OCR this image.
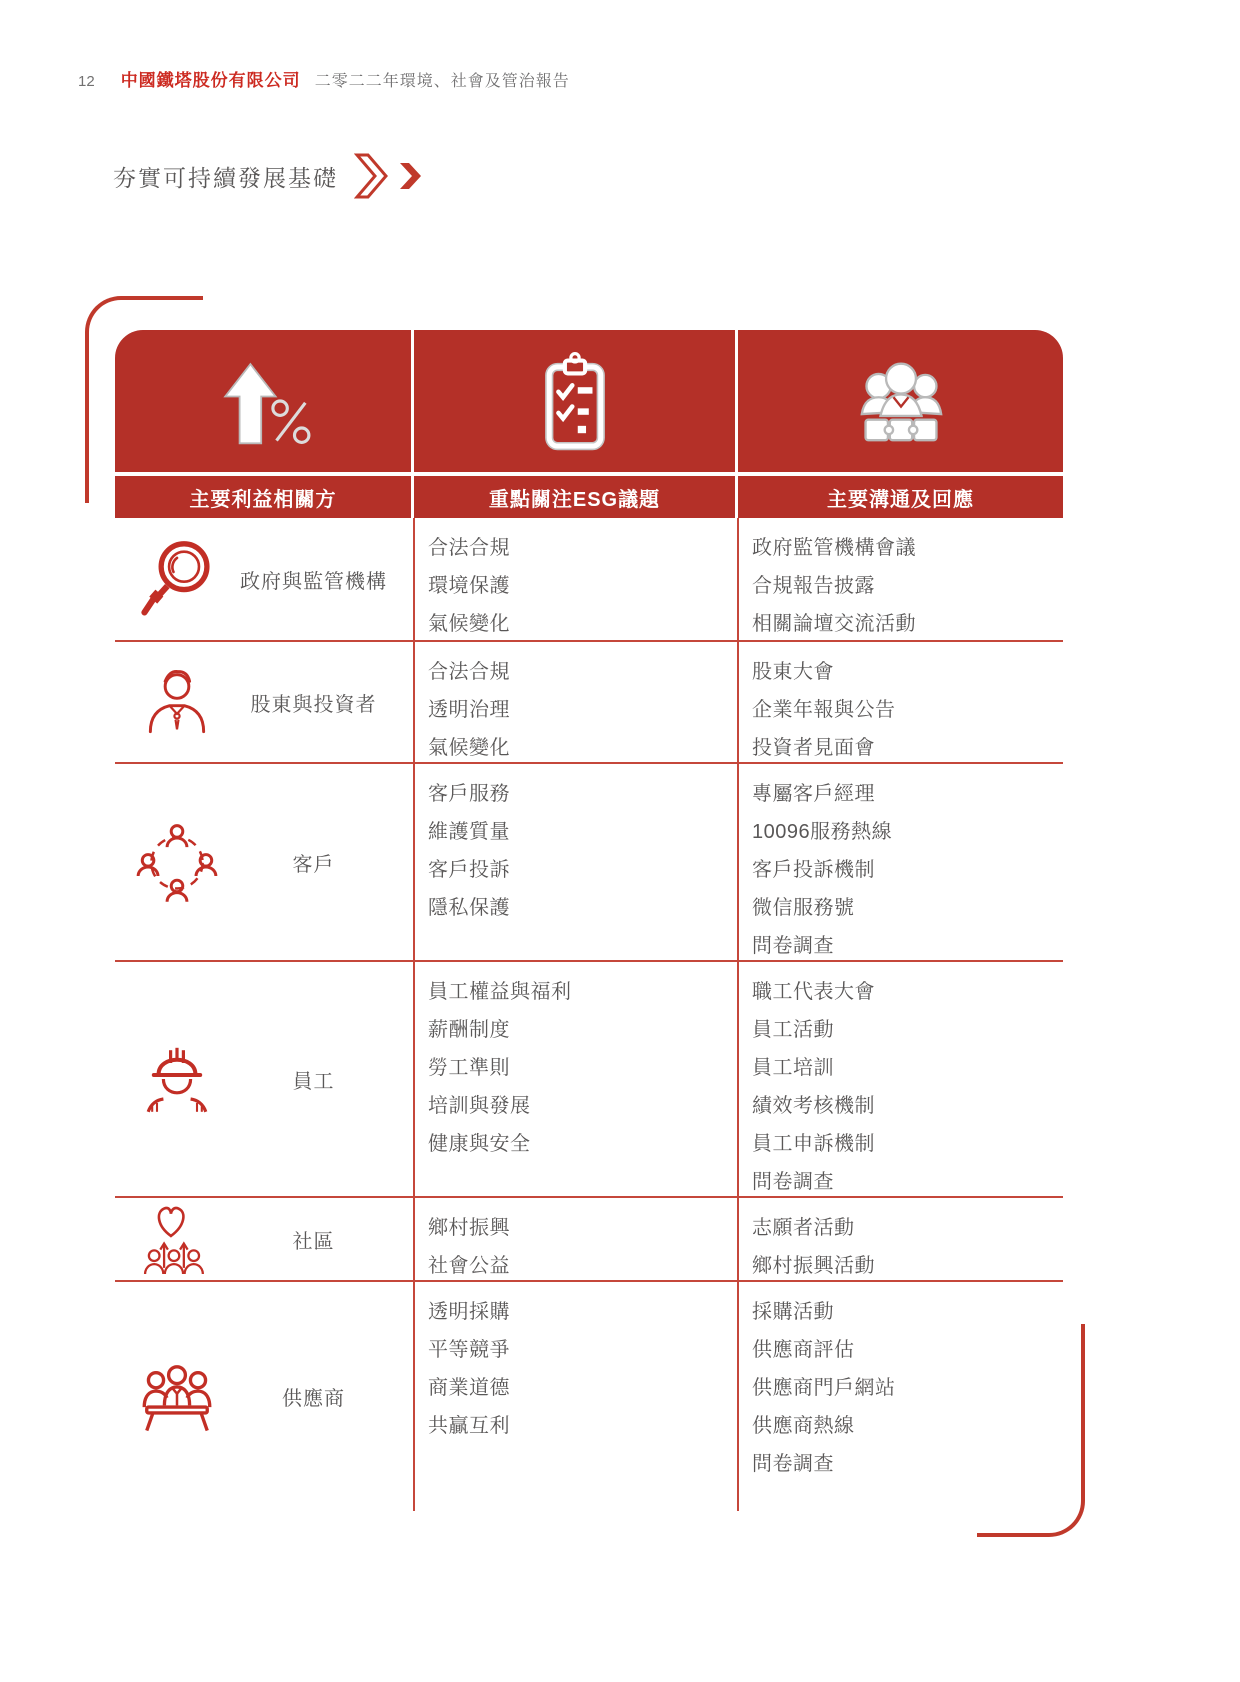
12 中國鐵塔股份有限公司 二零二二年環境、社會及管治報告
夯實可持續發展基礎
主要利益相關方	重點關注ESG議題	主要溝通及回應
政府與監管機構
合法合規
環境保護
氣候變化
政府監管機構會議
合規報告披露
相關論壇交流活動
股東與投資者
合法合規
透明治理
氣候變化
股東大會
企業年報與公告
投資者見面會
客戶
客戶服務
維護質量
客戶投訴
隱私保護
專屬客戶經理
10096服務熱線
客戶投訴機制
微信服務號
問卷調查
員工
員工權益與福利
薪酬制度
勞工準則
培訓與發展
健康與安全
職工代表大會
員工活動
員工培訓
績效考核機制
員工申訴機制
問卷調查
社區
鄉村振興
社會公益
志願者活動
鄉村振興活動
供應商
透明採購
平等競爭
商業道德
共贏互利
採購活動
供應商評估
供應商門戶網站
供應商熱線
問卷調查
